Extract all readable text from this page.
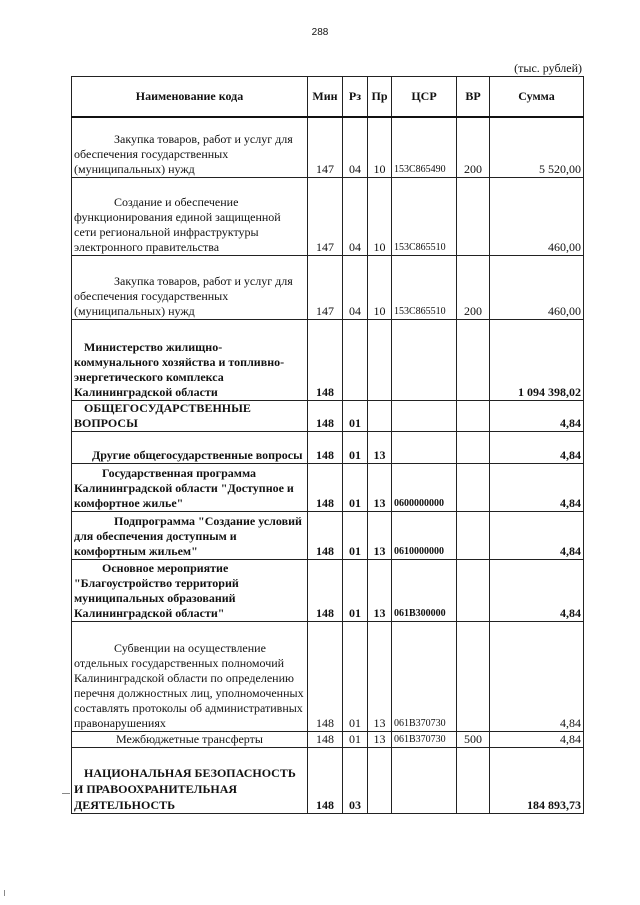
288
(тыс. рублей)
Наименование кода	Мин	Рз	Пр	ЦСР	ВР	Сумма
Закупка товаров, работ и услуг для обеспечения государственных (муниципальных) нужд	147	04	10	153C865490	200	5 520,00
Создание и обеспечение функционирования единой защищенной сети региональной инфраструктуры электронного правительства	147	04	10	153C865510		460,00
Закупка товаров, работ и услуг для обеспечения государственных (муниципальных) нужд	147	04	10	153C865510	200	460,00
Министерство жилищно-коммунального хозяйства и топливно-энергетического комплекса Калининградской области	148					1 094 398,02
ОБЩЕГОСУДАРСТВЕННЫЕ ВОПРОСЫ	148	01				4,84
Другие общегосударственные вопросы	148	01	13			4,84
Государственная программа Калининградской области "Доступное и комфортное жилье"	148	01	13	0600000000		4,84
Подпрограмма "Создание условий для обеспечения доступным и комфортным жильем"	148	01	13	0610000000		4,84
Основное мероприятие "Благоустройство территорий муниципальных образований Калининградской области"	148	01	13	061В300000		4,84
Субвенции на осуществление отдельных государственных полномочий Калининградской области по определению перечня должностных лиц, уполномоченных составлять протоколы об административных правонарушениях	148	01	13	061В370730		4,84
Межбюджетные трансферты	148	01	13	061В370730	500	4,84
НАЦИОНАЛЬНАЯ БЕЗОПАСНОСТЬ И ПРАВООХРАНИТЕЛЬНАЯ ДЕЯТЕЛЬНОСТЬ	148	03				184 893,73
